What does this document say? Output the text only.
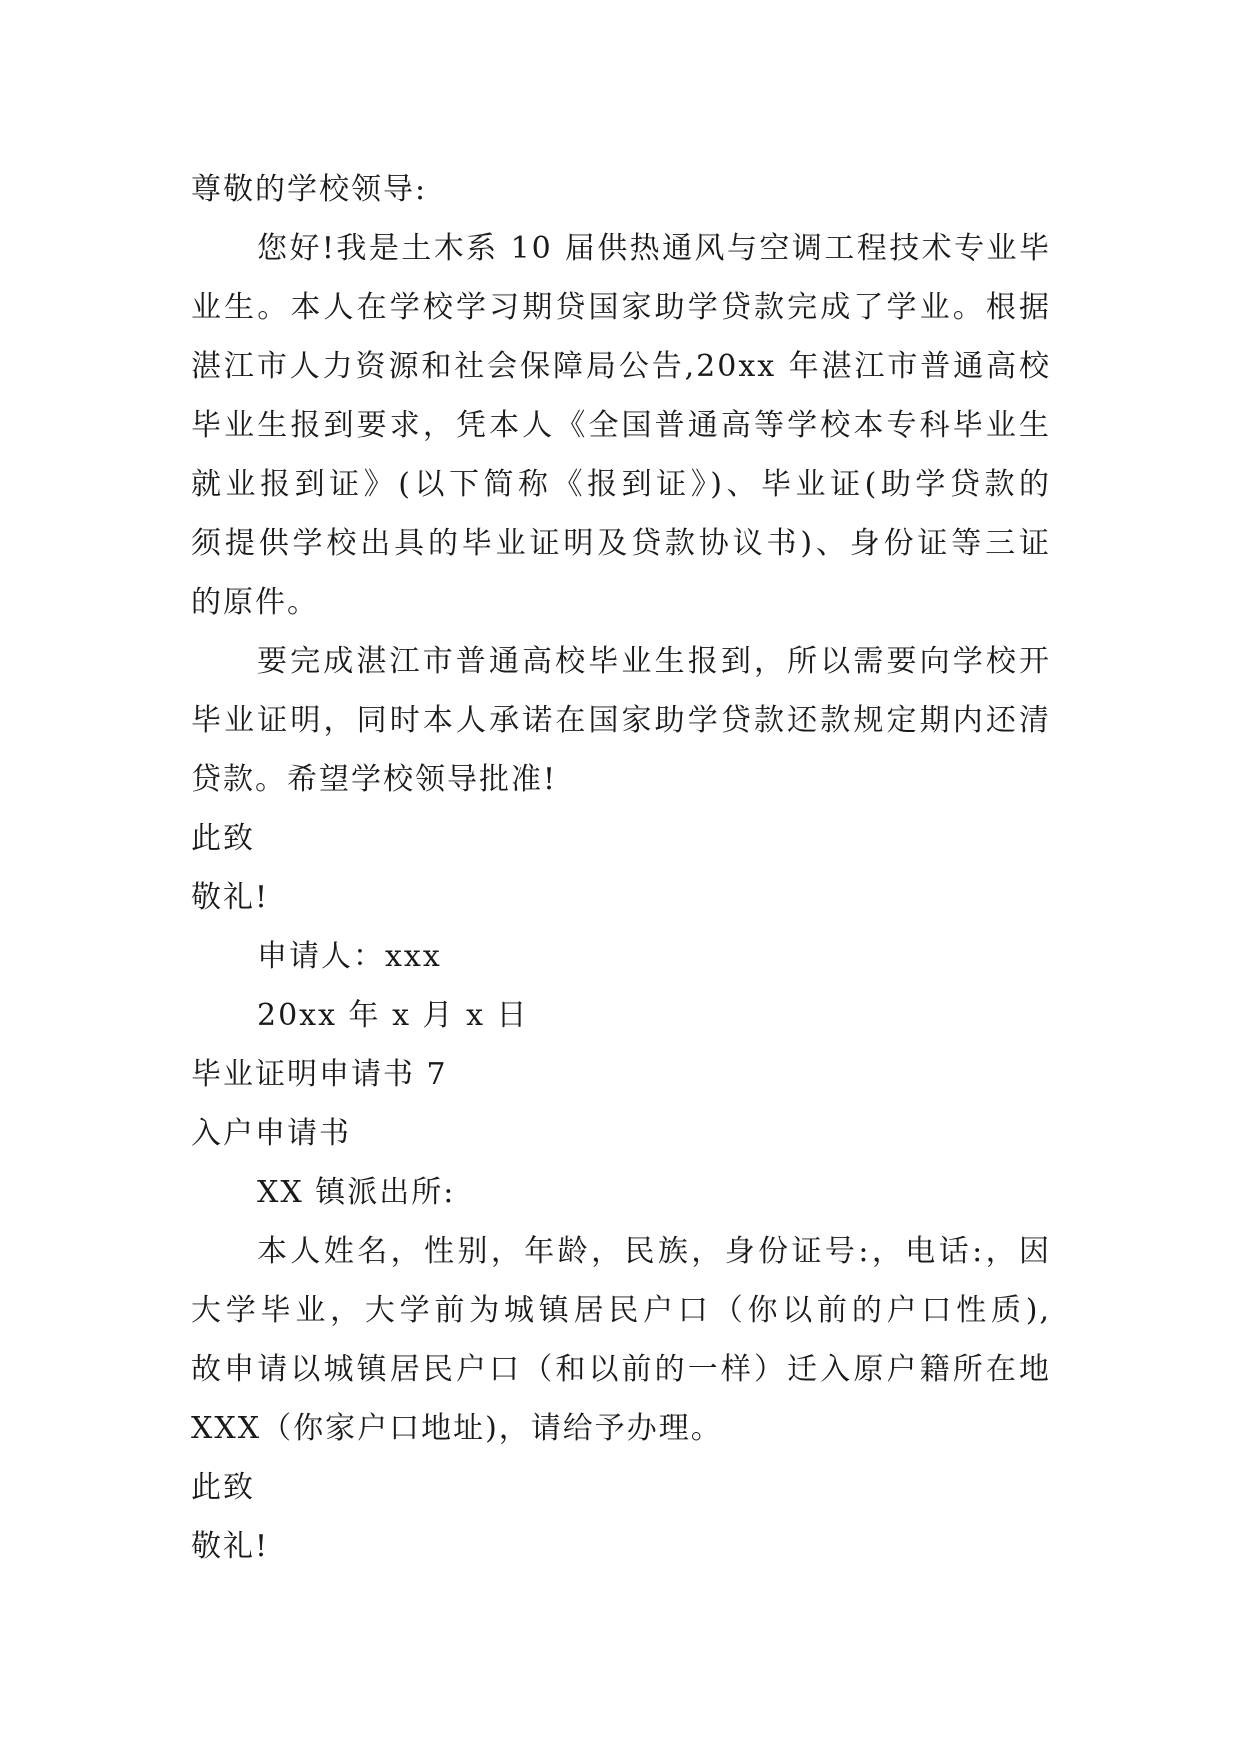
尊敬的学校领导:
您好!我是土木系 10 届供热通风与空调工程技术专业毕
业生。本人在学校学习期贷国家助学贷款完成了学业。根据
湛江市人力资源和社会保障局公告,20xx 年湛江市普通高校
毕业生报到要求，凭本人《全国普通高等学校本专科毕业生
就业报到证》(以下简称《报到证》)、毕业证(助学贷款的
须提供学校出具的毕业证明及贷款协议书)、身份证等三证
的原件。
要完成湛江市普通高校毕业生报到，所以需要向学校开
毕业证明，同时本人承诺在国家助学贷款还款规定期内还清
贷款。希望学校领导批准!
此致
敬礼!
申请人：xxx
20xx 年 x 月 x 日
毕业证明申请书 7
入户申请书
XX 镇派出所:
本人姓名，性别，年龄，民族，身份证号:，电话:，因
大学毕业，大学前为城镇居民户口（你以前的户口性质),
故申请以城镇居民户口（和以前的一样）迁入原户籍所在地
XXX（你家户口地址)，请给予办理。
此致
敬礼!
